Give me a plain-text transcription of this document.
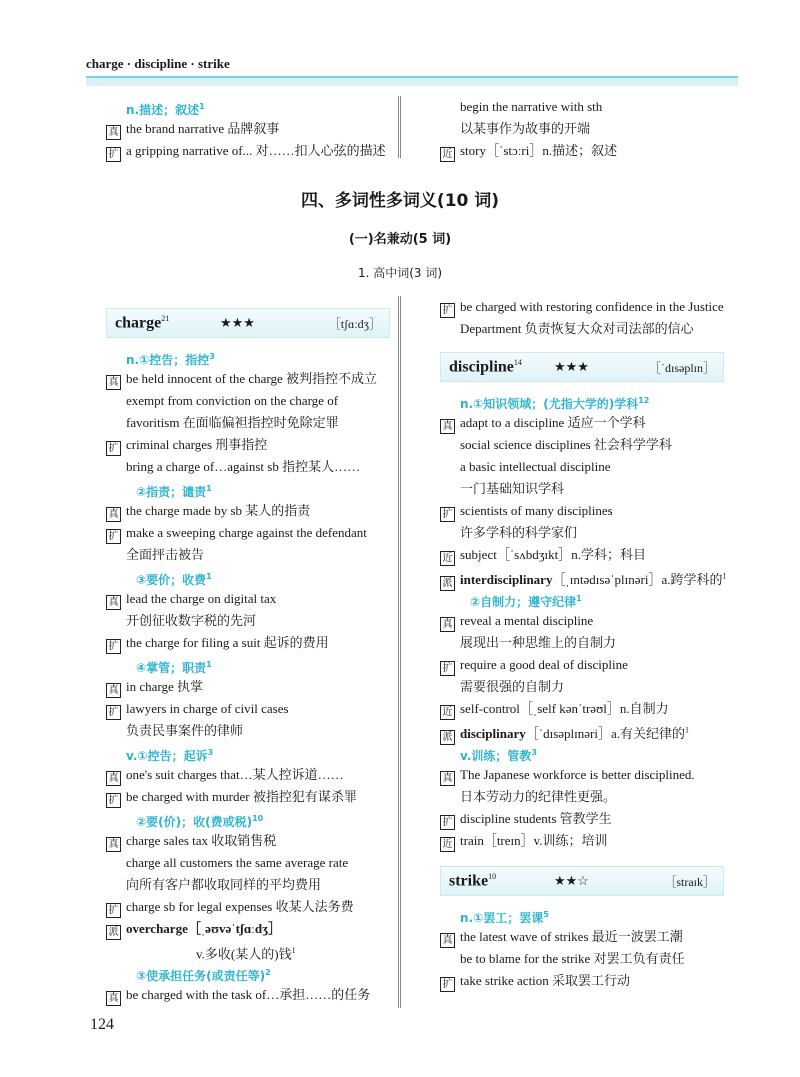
charge · discipline · strike
n.描述；叙述$^1$
真 the brand narrative 品牌叙事
扩 a gripping narrative of... 对……扣人心弦的描述
begin the narrative with sth
以某事作为故事的开端
近 story［ˈstɔːri］n.描述；叙述
四、多词性多词义(10 词)
(一)名兼动(5 词)
1. 高中词(3 词)
charge$^{21}$	★★★	［tʃɑːdʒ］
n.①控告；指控$^3$
真 be held innocent of the charge 被判指控不成立
exempt from conviction on the charge of
favoritism 在面临偏袒指控时免除定罪
扩 criminal charges 刑事指控
bring a charge of…against sb 指控某人……
②指责；谴责$^1$
真 the charge made by sb 某人的指责
扩 make a sweeping charge against the defendant
全面抨击被告
③要价；收费$^1$
真 lead the charge on digital tax
开创征收数字税的先河
扩 the charge for filing a suit 起诉的费用
④掌管；职责$^1$
真 in charge 执掌
扩 lawyers in charge of civil cases
负责民事案件的律师
v.①控告；起诉$^3$
真 one's suit charges that…某人控诉道……
扩 be charged with murder 被指控犯有谋杀罪
②要(价)；收(费或税)$^{10}$
真 charge sales tax 收取销售税
charge all customers the same average rate
向所有客户都收取同样的平均费用
扩 charge sb for legal expenses 收某人法务费
派 overcharge［ˌəʊvəˈtʃɑːdʒ］
v.多收(某人的)钱$^1$
③使承担任务(或责任等)$^2$
真 be charged with the task of…承担……的任务
扩 be charged with restoring confidence in the Justice
Department 负责恢复大众对司法部的信心
discipline$^{14}$	★★★	［ˈdɪsəplɪn］
n.①知识领域；(尤指大学的)学科$^{12}$
真 adapt to a discipline 适应一个学科
social science disciplines 社会科学学科
a basic intellectual discipline
一门基础知识学科
扩 scientists of many disciplines
许多学科的科学家们
近 subject［ˈsʌbdʒɪkt］n.学科；科目
派 interdisciplinary［ˌɪntədɪsəˈplɪnəri］a.跨学科的$^1$
②自制力；遵守纪律$^1$
真 reveal a mental discipline
展现出一种思维上的自制力
扩 require a good deal of discipline
需要很强的自制力
近 self-control［ˌself kənˈtrəʊl］n.自制力
派 disciplinary［ˈdɪsəplɪnəri］a.有关纪律的$^1$
v.训练；管教$^3$
真 The Japanese workforce is better disciplined.
日本劳动力的纪律性更强。
扩 discipline students 管教学生
近 train［treɪn］v.训练；培训
strike$^{10}$	★★☆	［straɪk］
n.①罢工；罢课$^5$
真 the latest wave of strikes 最近一波罢工潮
be to blame for the strike 对罢工负有责任
扩 take strike action 采取罢工行动
124
